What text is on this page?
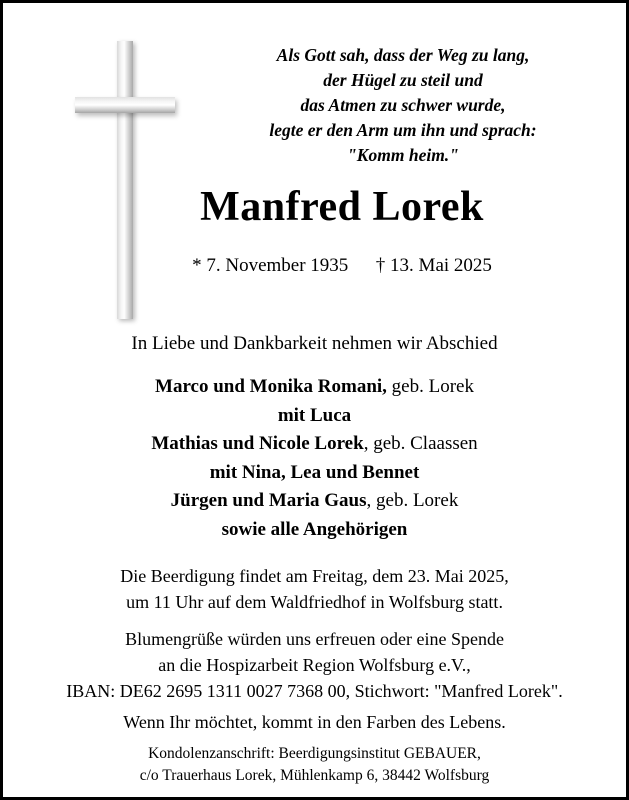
Als Gott sah, dass der Weg zu lang,
der Hügel zu steil und
das Atmen zu schwer wurde,
legte er den Arm um ihn und sprach:
"Komm heim."
Manfred Lorek
* 7. November 1935 † 13. Mai 2025
In Liebe und Dankbarkeit nehmen wir Abschied
Marco und Monika Romani, geb. Lorek
mit Luca
Mathias und Nicole Lorek, geb. Claassen
mit Nina, Lea und Bennet
Jürgen und Maria Gaus, geb. Lorek
sowie alle Angehörigen
Die Beerdigung findet am Freitag, dem 23. Mai 2025,
um 11 Uhr auf dem Waldfriedhof in Wolfsburg statt.
Blumengrüße würden uns erfreuen oder eine Spende
an die Hospizarbeit Region Wolfsburg e.V.,
IBAN: DE62 2695 1311 0027 7368 00, Stichwort: "Manfred Lorek".
Wenn Ihr möchtet, kommt in den Farben des Lebens.
Kondolenzanschrift: Beerdigungsinstitut GEBAUER,
c/o Trauerhaus Lorek, Mühlenkamp 6, 38442 Wolfsburg
